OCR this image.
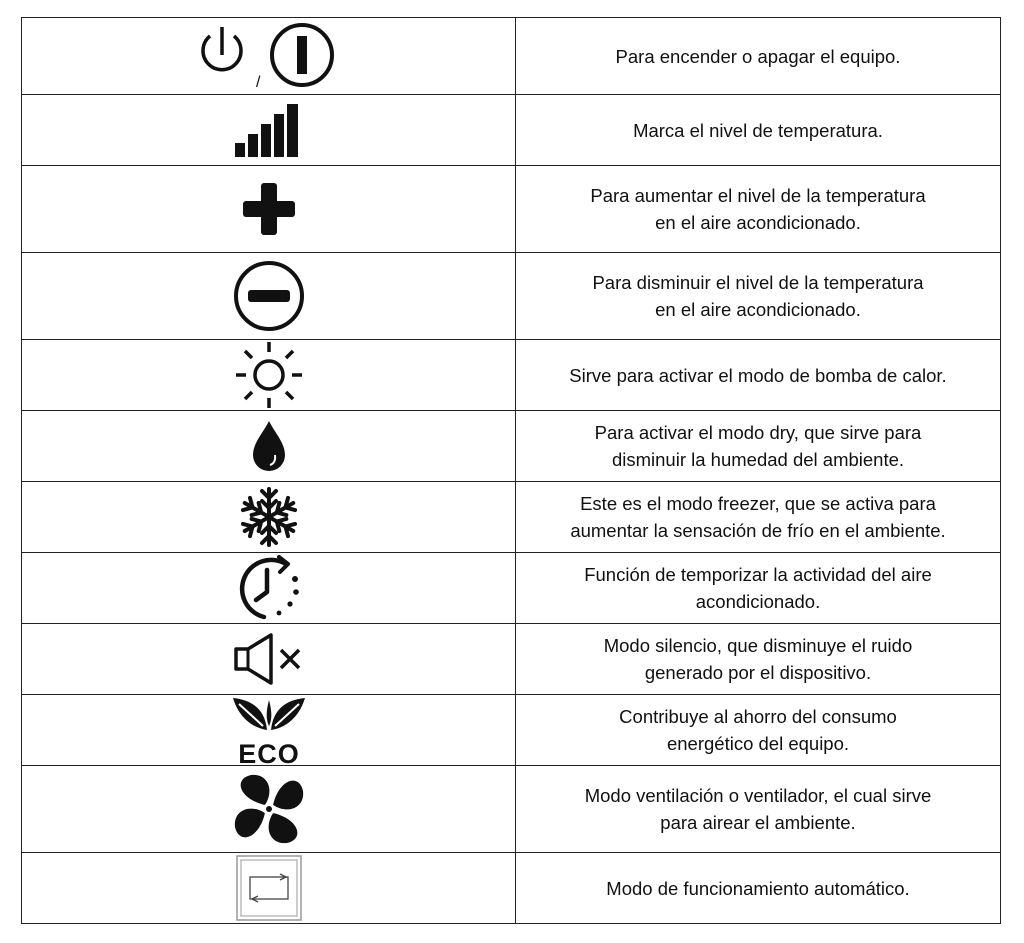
/	Para encender o apagar el equipo.

Marca el nivel de temperatura.

Para aumentar el nivel de la temperatura
en el aire acondicionado.

Para disminuir el nivel de la temperatura
en el aire acondicionado.

Sirve para activar el modo de bomba de calor.

Para activar el modo dry, que sirve para
disminuir la humedad del ambiente.

Este es el modo freezer, que se activa para
aumentar la sensación de frío en el ambiente.

Función de temporizar la actividad del aire
acondicionado.

Modo silencio, que disminuye el ruido
generado por el dispositivo.

ECO	Contribuye al ahorro del consumo
energético del equipo.

Modo ventilación o ventilador, el cual sirve
para airear el ambiente.

Modo de funcionamiento automático.
